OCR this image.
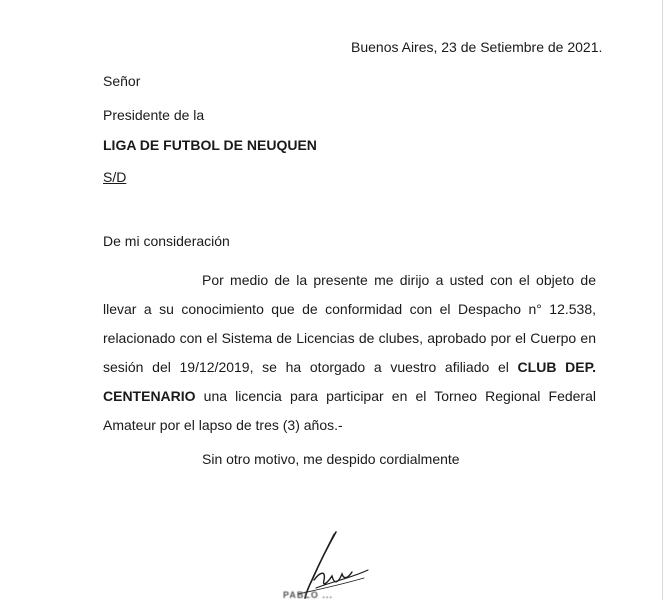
Buenos Aires, 23 de Setiembre de 2021.
Señor
Presidente de la
LIGA DE FUTBOL DE NEUQUEN
S/D
De mi consideración

Por medio de la presente me dirijo a usted con el objeto de llevar a su conocimiento que de conformidad con el Despacho n° 12.538, relacionado con el Sistema de Licencias de clubes, aprobado por el Cuerpo en sesión del 19/12/2019, se ha otorgado a vuestro afiliado el CLUB DEP. CENTENARIO una licencia para participar en el Torneo Regional Federal Amateur por el lapso de tres (3) años.-

Sin otro motivo, me despido cordialmente
PABLO ...
